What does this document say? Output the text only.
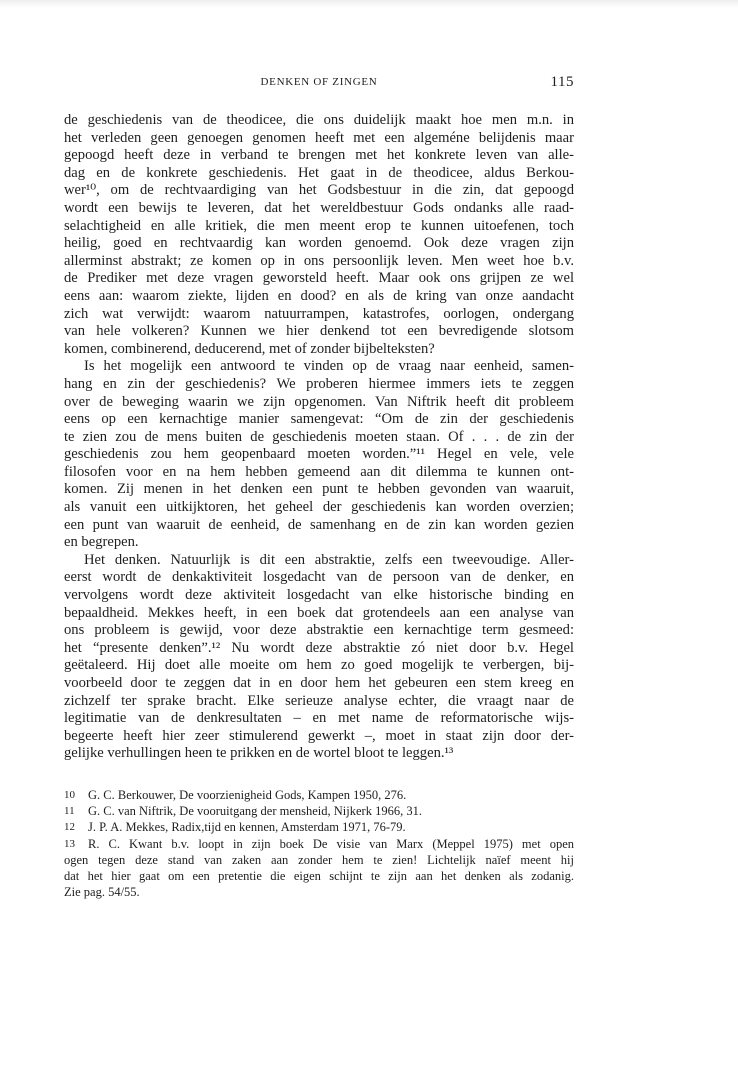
DENKEN OF ZINGEN	115

de geschiedenis van de theodicee, die ons duidelijk maakt hoe men m.n. in
het verleden geen genoegen genomen heeft met een algeméne belijdenis maar
gepoogd heeft deze in verband te brengen met het konkrete leven van alle-
dag en de konkrete geschiedenis. Het gaat in de theodicee, aldus Berkou-
wer¹⁰, om de rechtvaardiging van het Godsbestuur in die zin, dat gepoogd
wordt een bewijs te leveren, dat het wereldbestuur Gods ondanks alle raad-
selachtigheid en alle kritiek, die men meent erop te kunnen uitoefenen, toch
heilig, goed en rechtvaardig kan worden genoemd. Ook deze vragen zijn
allerminst abstrakt; ze komen op in ons persoonlijk leven. Men weet hoe b.v.
de Prediker met deze vragen geworsteld heeft. Maar ook ons grijpen ze wel
eens aan: waarom ziekte, lijden en dood? en als de kring van onze aandacht
zich wat verwijdt: waarom natuurrampen, katastrofes, oorlogen, ondergang
van hele volkeren? Kunnen we hier denkend tot een bevredigende slotsom
komen, combinerend, deducerend, met of zonder bijbelteksten?

Is het mogelijk een antwoord te vinden op de vraag naar eenheid, samen-
hang en zin der geschiedenis? We proberen hiermee immers iets te zeggen
over de beweging waarin we zijn opgenomen. Van Niftrik heeft dit probleem
eens op een kernachtige manier samengevat: “Om de zin der geschiedenis
te zien zou de mens buiten de geschiedenis moeten staan. Of . . . de zin der
geschiedenis zou hem geopenbaard moeten worden.”¹¹ Hegel en vele, vele
filosofen voor en na hem hebben gemeend aan dit dilemma te kunnen ont-
komen. Zij menen in het denken een punt te hebben gevonden van waaruit,
als vanuit een uitkijktoren, het geheel der geschiedenis kan worden overzien;
een punt van waaruit de eenheid, de samenhang en de zin kan worden gezien
en begrepen.

Het denken. Natuurlijk is dit een abstraktie, zelfs een tweevoudige. Aller-
eerst wordt de denkaktiviteit losgedacht van de persoon van de denker, en
vervolgens wordt deze aktiviteit losgedacht van elke historische binding en
bepaaldheid. Mekkes heeft, in een boek dat grotendeels aan een analyse van
ons probleem is gewijd, voor deze abstraktie een kernachtige term gesmeed:
het “presente denken”.¹² Nu wordt deze abstraktie zó niet door b.v. Hegel
geëtaleerd. Hij doet alle moeite om hem zo goed mogelijk te verbergen, bij-
voorbeeld door te zeggen dat in en door hem het gebeuren een stem kreeg en
zichzelf ter sprake bracht. Elke serieuze analyse echter, die vraagt naar de
legitimatie van de denkresultaten – en met name de reformatorische wijs-
begeerte heeft hier zeer stimulerend gewerkt –, moet in staat zijn door der-
gelijke verhullingen heen te prikken en de wortel bloot te leggen.¹³

10 G. C. Berkouwer, De voorzienigheid Gods, Kampen 1950, 276.
11 G. C. van Niftrik, De vooruitgang der mensheid, Nijkerk 1966, 31.
12 J. P. A. Mekkes, Radix,tijd en kennen, Amsterdam 1971, 76-79.
13 R. C. Kwant b.v. loopt in zijn boek De visie van Marx (Meppel 1975) met open
ogen tegen deze stand van zaken aan zonder hem te zien! Lichtelijk naïef meent hij
dat het hier gaat om een pretentie die eigen schijnt te zijn aan het denken als zodanig.
Zie pag. 54/55.
